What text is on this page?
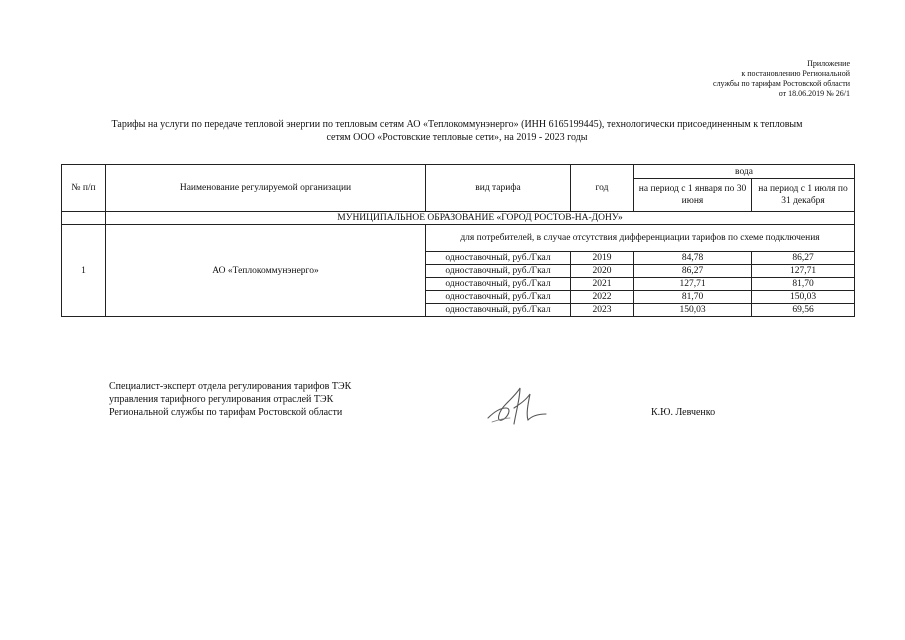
Приложение
к постановлению Региональной
службы по тарифам Ростовской области
от 18.06.2019 № 26/1
Тарифы на услуги по передаче тепловой энергии по тепловым сетям АО «Теплокоммунэнерго» (ИНН 6165199445), технологически присоединенным к тепловым
сетям ООО «Ростовские тепловые сети», на 2019 - 2023 годы
№ п/п	Наименование регулируемой организации	вид тарифа	год	вода	
				на период с 1 января по 30 июня	на период с 1 июля по 31 декабря
	МУНИЦИПАЛЬНОЕ ОБРАЗОВАНИЕ «ГОРОД РОСТОВ-НА-ДОНУ»				
1	АО «Теплокоммунэнерго»	для потребителей, в случае отсутствия дифференциации тарифов по схеме подключения			
		одноставочный, руб./Гкал	2019	84,78	86,27
		одноставочный, руб./Гкал	2020	86,27	127,71
		одноставочный, руб./Гкал	2021	127,71	81,70
		одноставочный, руб./Гкал	2022	81,70	150,03
		одноставочный, руб./Гкал	2023	150,03	69,56
Специалист-эксперт отдела регулирования тарифов ТЭК
управления тарифного регулирования отраслей ТЭК
Региональной службы по тарифам Ростовской области	К.Ю. Левченко
